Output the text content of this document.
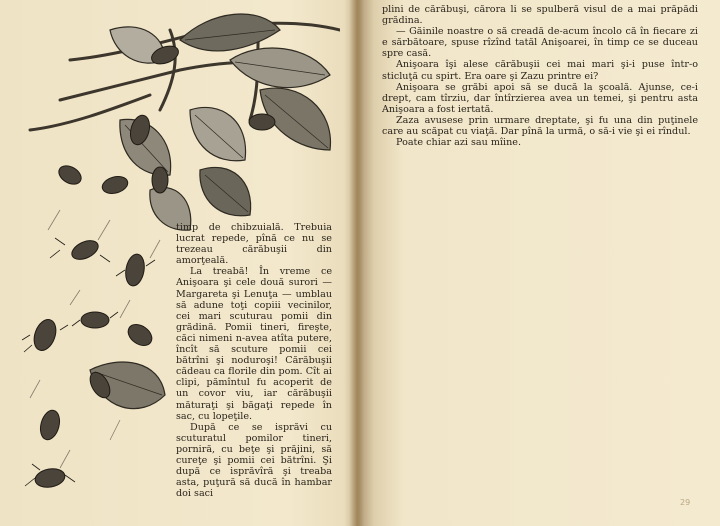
timp de chibzuială. Trebuia lucrat repede, pînă ce nu se trezeau cărăbuşii din amorţeală.

La treabă! În vreme ce Anişoara şi cele două surori — Margareta şi Lenuţa — umblau să adune toţi copiii vecinilor, cei mari scuturau pomii din grădină. Pomii tineri, fireşte, căci nimeni n-avea atîta putere, încît să scuture pomii cei bătrîni şi noduroşi! Cărăbuşii cădeau ca florile din pom. Cît ai clipi, pămîntul fu acoperit de un covor viu, iar cărăbuşii măturaţi şi băgaţi repede în sac, cu lopeţile.

După ce se isprăvi cu scuturatul pomilor tineri, porniră, cu beţe şi prăjini, să cureţe şi pomii cei bătrîni. Şi după ce isprăvîră şi treaba asta, puţură să ducă în hambar doi saci

plini de cărăbuşi, cărora li se spulberă visul de a mai prăpădi grădina.

— Găinile noastre o să creadă de-acum încolo că în fiecare zi e sărbătoare, spuse rîzînd tatăl Anişoarei, în timp ce se duceau spre casă.

Anişoara îşi alese cărăbuşii cei mai mari şi-i puse într-o sticluţă cu spirt. Era oare şi Zazu printre ei?

Anişoara se grăbi apoi să se ducă la şcoală. Ajunse, ce-i drept, cam tîrziu, dar întîrzierea avea un temei, şi pentru asta Anişoara a fost iertată.

Zaza avusese prin urmare dreptate, şi fu una din puţinele care au scăpat cu viaţă. Dar pînă la urmă, o să-i vie şi ei rîndul.

Poate chiar azi sau mîine.

29
